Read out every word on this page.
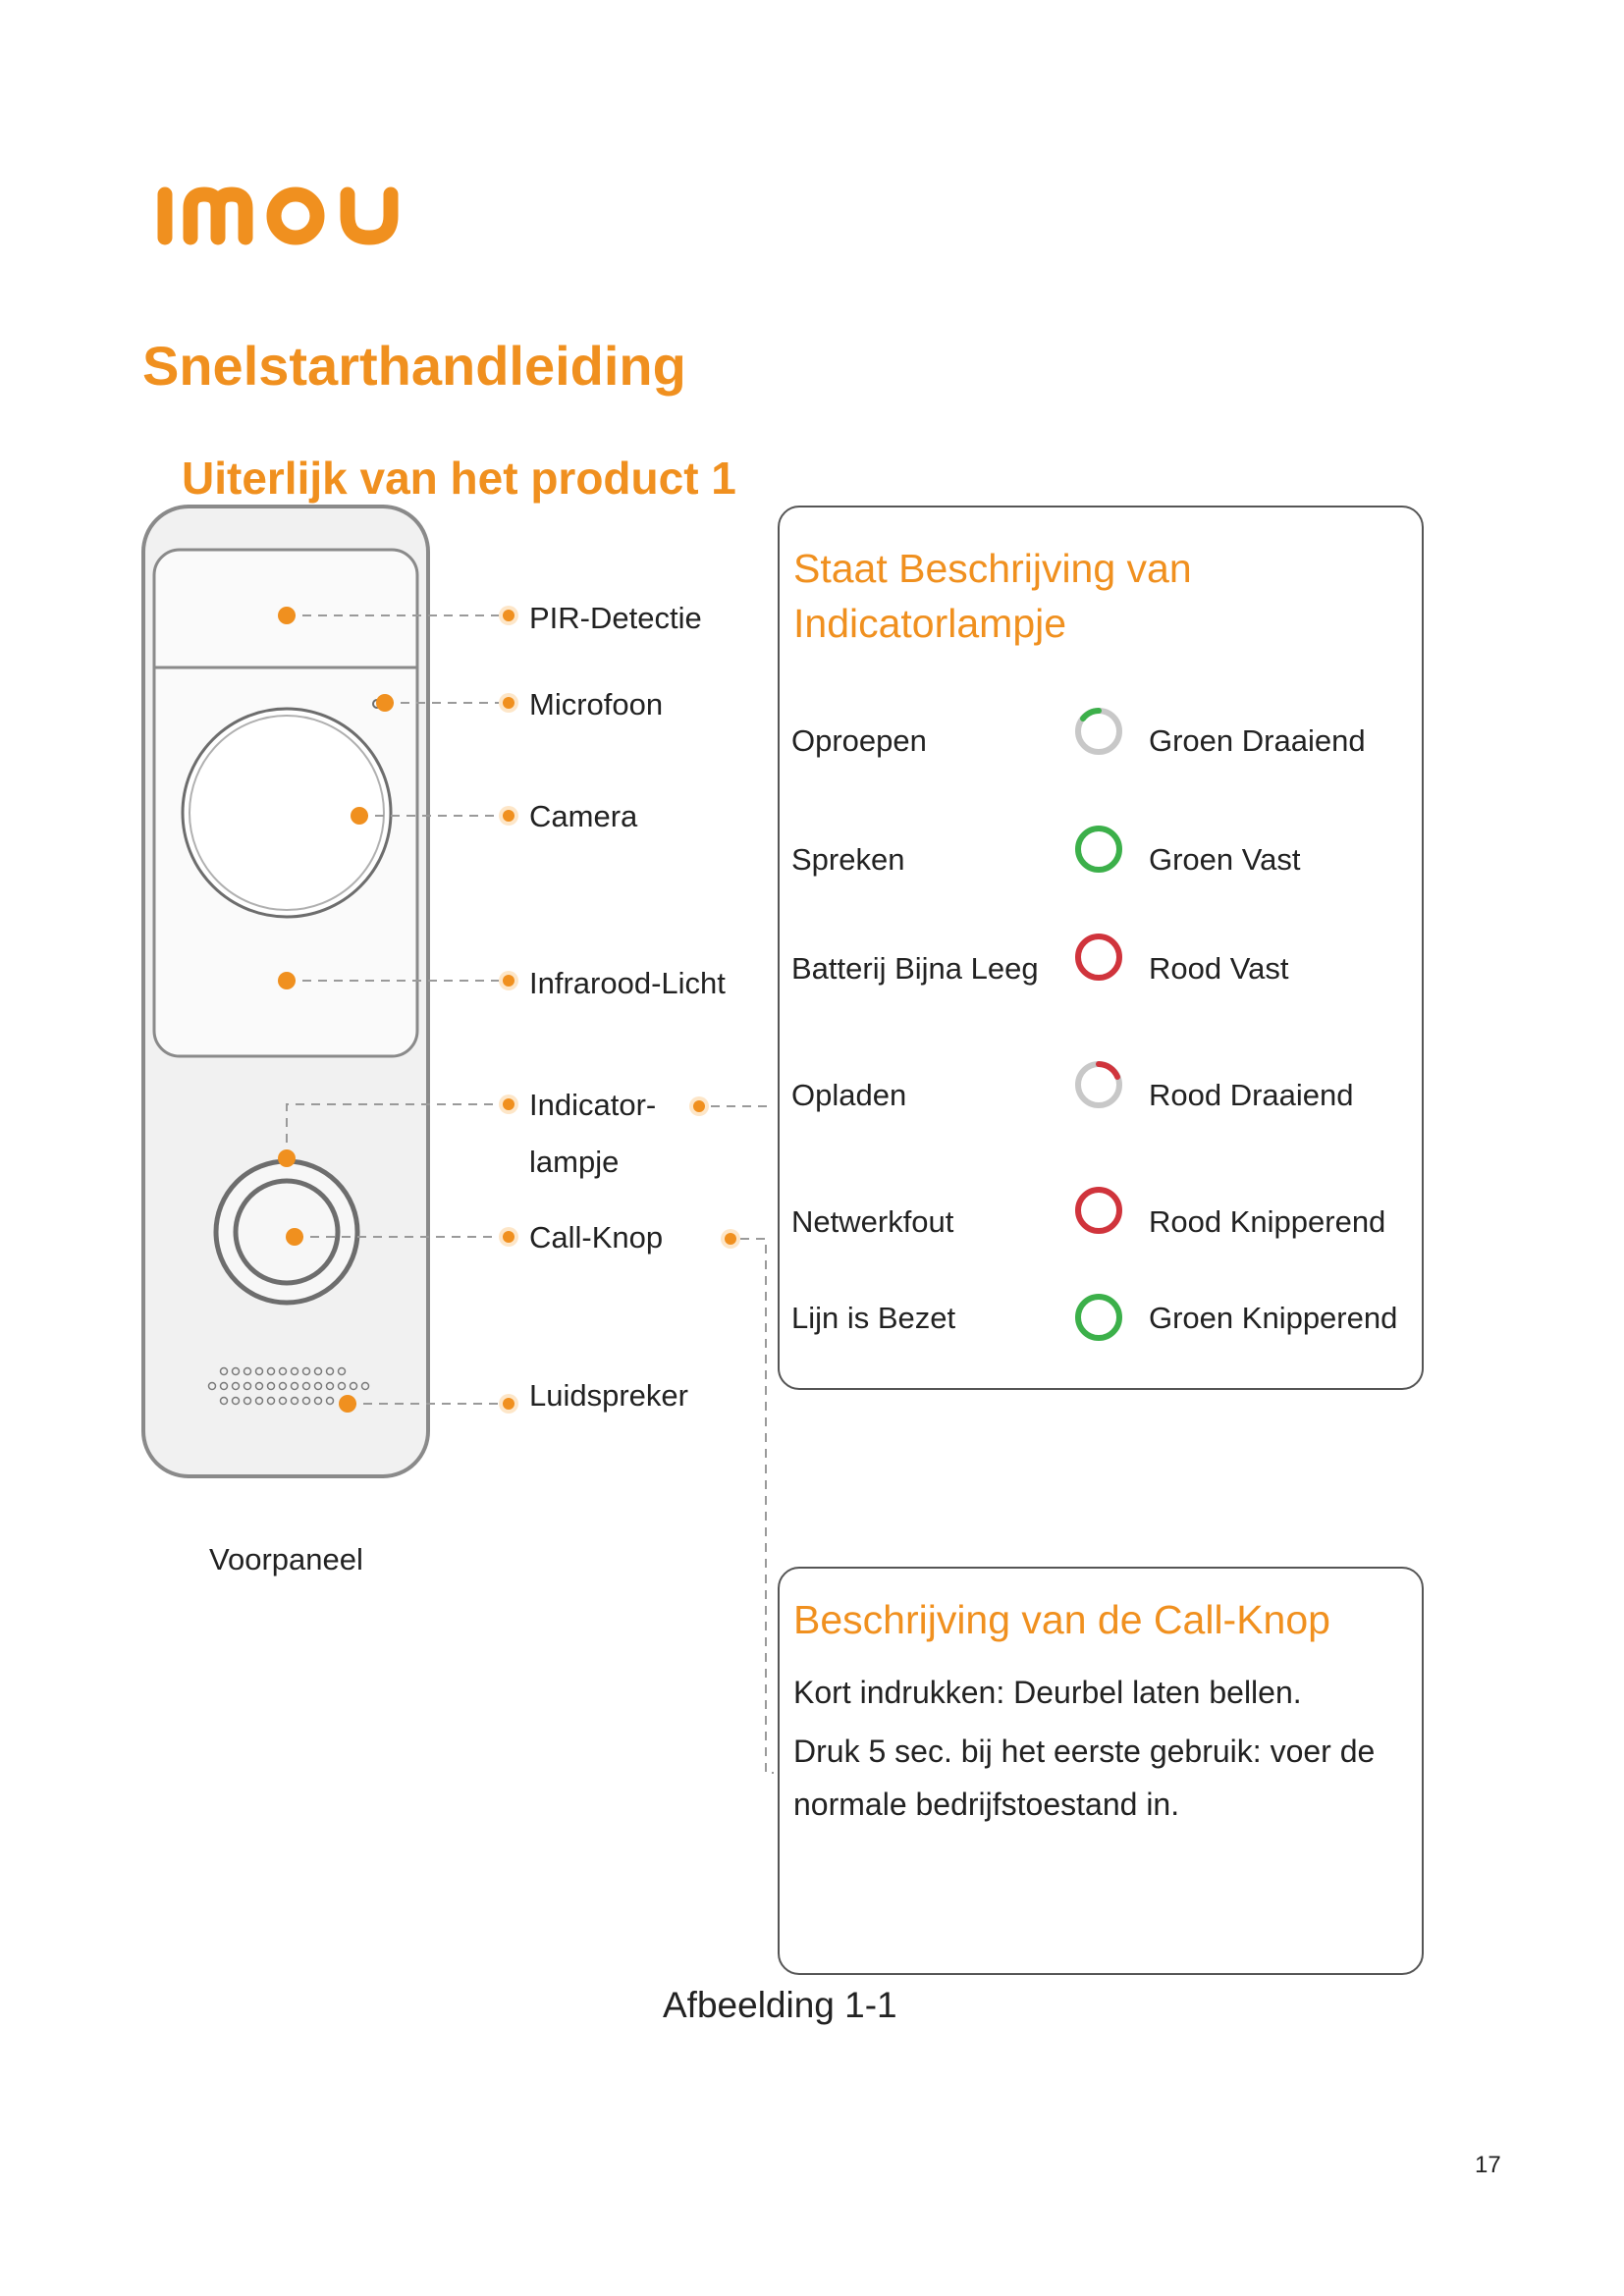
Snelstarthandleiding
Uiterlijk van het product 1
PIR-Detectie
Microfoon
Camera
Infrarood-Licht
Indicator-
lampje
Call-Knop
Luidspreker
Voorpaneel
Staat Beschrijving van Indicatorlampje
Oproepen	Groen Draaiend
Spreken	Groen Vast
Batterij Bijna Leeg	Rood Vast
Opladen	Rood Draaiend
Netwerkfout	Rood Knipperend
Lijn is Bezet	Groen Knipperend
Beschrijving van de Call-Knop
Kort indrukken: Deurbel laten bellen.
Druk 5 sec. bij het eerste gebruik: voer de
normale bedrijfstoestand in.
Afbeelding 1-1
17
